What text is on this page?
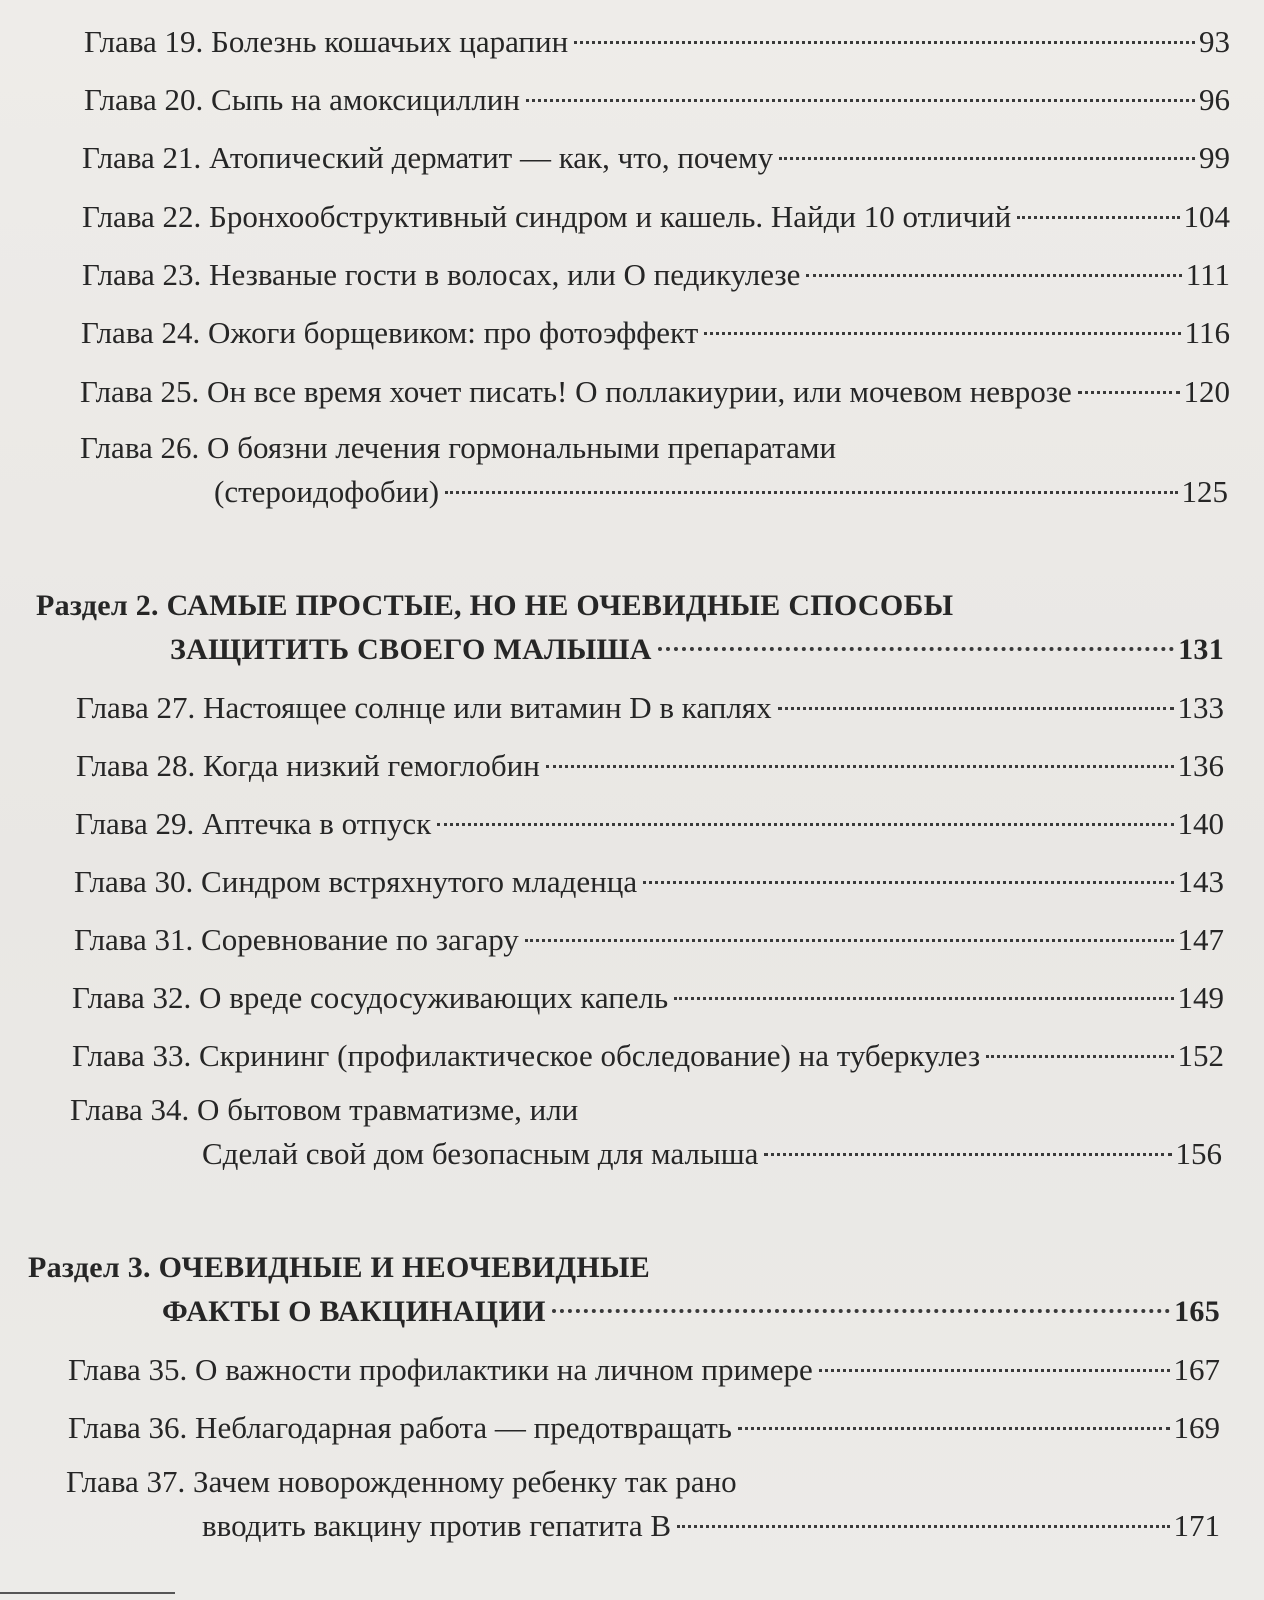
Глава 19. Болезнь кошачьих царапин	93
Глава 20. Сыпь на амоксициллин	96
Глава 21. Атопический дерматит — как, что, почему	99
Глава 22. Бронхообструктивный синдром и кашель. Найди 10 отличий	104
Глава 23. Незваные гости в волосах, или О педикулезе	111
Глава 24. Ожоги борщевиком: про фотоэффект	116
Глава 25. Он все время хочет писать! О поллакиурии, или мочевом неврозе	120
Глава 26. О боязни лечения гормональными препаратами
(стероидофобии)	125
Раздел 2. САМЫЕ ПРОСТЫЕ, НО НЕ ОЧЕВИДНЫЕ СПОСОБЫ
ЗАЩИТИТЬ СВОЕГО МАЛЫША	131
Глава 27. Настоящее солнце или витамин D в каплях	133
Глава 28. Когда низкий гемоглобин	136
Глава 29. Аптечка в отпуск	140
Глава 30. Синдром встряхнутого младенца	143
Глава 31. Соревнование по загару	147
Глава 32. О вреде сосудосуживающих капель	149
Глава 33. Скрининг (профилактическое обследование) на туберкулез	152
Глава 34. О бытовом травматизме, или
Сделай свой дом безопасным для малыша	156
Раздел 3. ОЧЕВИДНЫЕ И НЕОЧЕВИДНЫЕ
ФАКТЫ О ВАКЦИНАЦИИ	165
Глава 35. О важности профилактики на личном примере	167
Глава 36. Неблагодарная работа — предотвращать	169
Глава 37. Зачем новорожденному ребенку так рано
вводить вакцину против гепатита В	171
